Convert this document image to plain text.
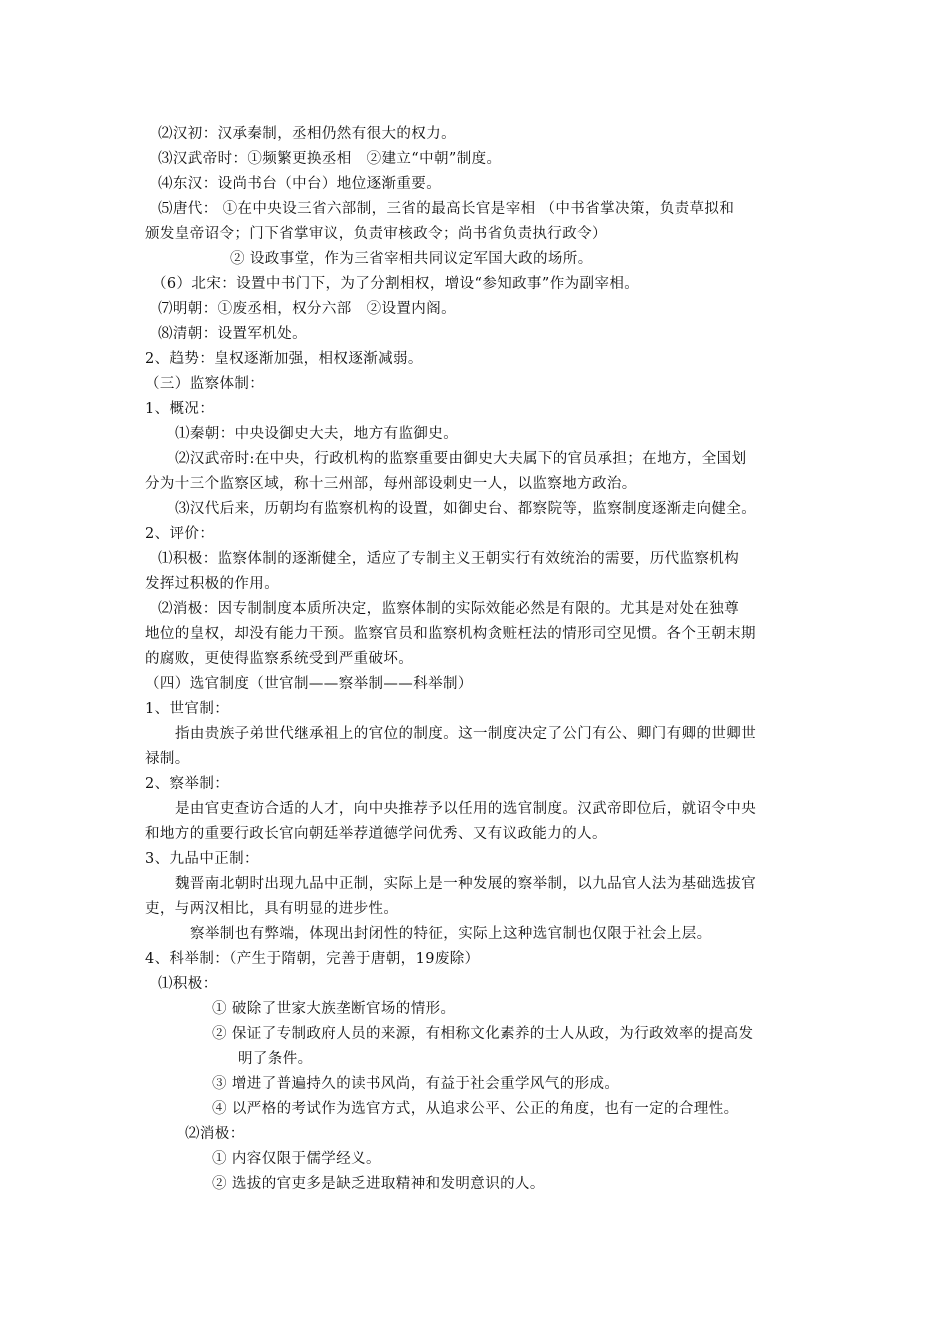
⑵汉初：汉承秦制，丞相仍然有很大的权力。
⑶汉武帝时：①频繁更换丞相　②建立“中朝”制度。
⑷东汉：设尚书台（中台）地位逐渐重要。
⑸唐代： ①在中央设三省六部制，三省的最高长官是宰相 （中书省掌决策，负责草拟和
颁发皇帝诏令；门下省掌审议，负责审核政令；尚书省负责执行政令）
② 设政事堂，作为三省宰相共同议定军国大政的场所。
（6）北宋：设置中书门下，为了分割相权，增设“参知政事”作为副宰相。
⑺明朝：①废丞相，权分六部　②设置内阁。
⑻清朝：设置军机处。
2、趋势：皇权逐渐加强，相权逐渐减弱。
（三）监察体制：
1、概况：
⑴秦朝：中央设御史大夫，地方有监御史。
⑵汉武帝时:在中央，行政机构的监察重要由御史大夫属下的官员承担；在地方，全国划
分为十三个监察区域，称十三州部，每州部设刺史一人，以监察地方政治。
⑶汉代后来，历朝均有监察机构的设置，如御史台、都察院等，监察制度逐渐走向健全。
2、评价：
⑴积极：监察体制的逐渐健全，适应了专制主义王朝实行有效统治的需要，历代监察机构
发挥过积极的作用。
⑵消极：因专制制度本质所决定，监察体制的实际效能必然是有限的。尤其是对处在独尊
地位的皇权，却没有能力干预。监察官员和监察机构贪赃枉法的情形司空见惯。各个王朝末期
的腐败，更使得监察系统受到严重破坏。
（四）选官制度（世官制——察举制——科举制）
1、世官制：
指由贵族子弟世代继承祖上的官位的制度。这一制度决定了公门有公、卿门有卿的世卿世
禄制。
2、察举制：
是由官吏查访合适的人才，向中央推荐予以任用的选官制度。汉武帝即位后，就诏令中央
和地方的重要行政长官向朝廷举荐道德学问优秀、又有议政能力的人。
3、九品中正制：
魏晋南北朝时出现九品中正制，实际上是一种发展的察举制，以九品官人法为基础选拔官
吏，与两汉相比，具有明显的进步性。
察举制也有弊端，体现出封闭性的特征，实际上这种选官制也仅限于社会上层。
4、科举制：（产生于隋朝，完善于唐朝，19废除）
⑴积极：
① 破除了世家大族垄断官场的情形。
② 保证了专制政府人员的来源，有相称文化素养的士人从政，为行政效率的提高发
明了条件。
③ 增进了普遍持久的读书风尚，有益于社会重学风气的形成。
④ 以严格的考试作为选官方式，从追求公平、公正的角度，也有一定的合理性。
⑵消极：
① 内容仅限于儒学经义。
② 选拔的官吏多是缺乏进取精神和发明意识的人。
